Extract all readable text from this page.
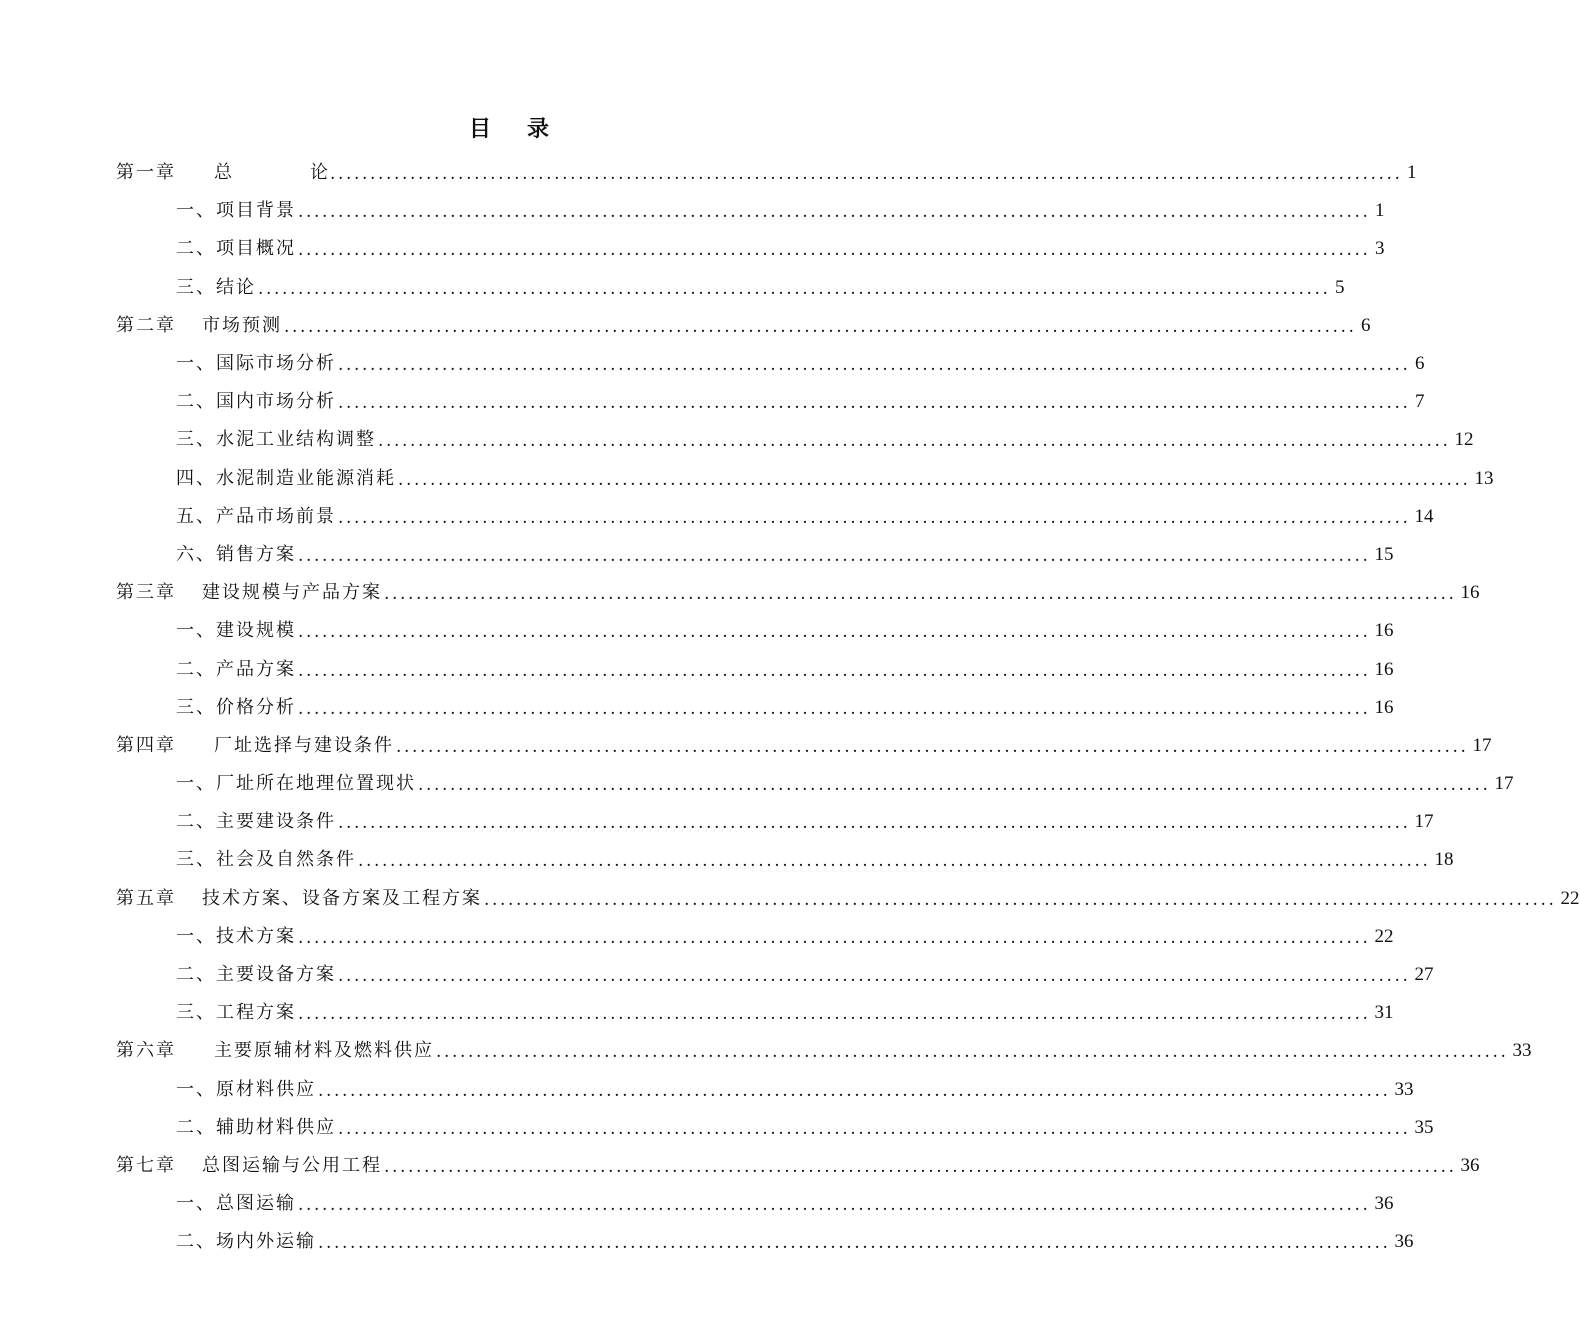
目 录
第一章 总　论
...................................................................................................................................... 1
一、项目背景 ...................................................................................................................................... 1
二、项目概况 ...................................................................................................................................... 3
三、结论 ...................................................................................................................................... 5
第二章 市场预测 ...................................................................................................................................... 6
一、国际市场分析 ...................................................................................................................................... 6
二、国内市场分析 ...................................................................................................................................... 7
三、水泥工业结构调整 ...................................................................................................................................... 12
四、水泥制造业能源消耗 ...................................................................................................................................... 13
五、产品市场前景 ...................................................................................................................................... 14
六、销售方案 ...................................................................................................................................... 15
第三章 建设规模与产品方案 ...................................................................................................................................... 16
一、建设规模 ...................................................................................................................................... 16
二、产品方案 ...................................................................................................................................... 16
三、价格分析 ...................................................................................................................................... 16
第四章 厂址选择与建设条件 ...................................................................................................................................... 17
一、厂址所在地理位置现状 ...................................................................................................................................... 17
二、主要建设条件 ...................................................................................................................................... 17
三、社会及自然条件 ...................................................................................................................................... 18
第五章 技术方案、设备方案及工程方案 ...................................................................................................................................... 22
一、技术方案 ...................................................................................................................................... 22
二、主要设备方案 ...................................................................................................................................... 27
三、工程方案 ...................................................................................................................................... 31
第六章 主要原辅材料及燃料供应 ...................................................................................................................................... 33
一、原材料供应 ...................................................................................................................................... 33
二、辅助材料供应 ...................................................................................................................................... 35
第七章 总图运输与公用工程 ...................................................................................................................................... 36
一、总图运输 ...................................................................................................................................... 36
二、场内外运输 ...................................................................................................................................... 36
